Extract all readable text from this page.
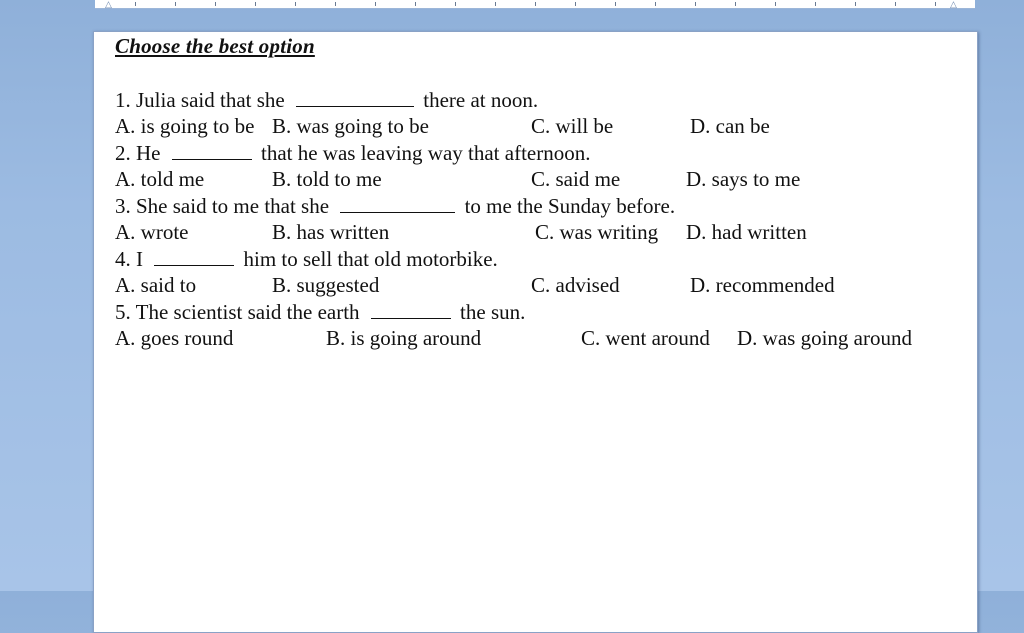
△	△
Choose the best option
1. Julia said that she	there at noon.
A. is going to be B. was going to be	C. will be	D. can be
2. He	that he was leaving way that afternoon.
A. told me	B. told to me	C. said me	D. says to me
3. She said to me that she	to me the Sunday before.
A. wrote	B. has written	C. was writing D. had written
4. I	him to sell that old motorbike.
A. said to	B. suggested	C. advised	D. recommended
5. The scientist said the earth	the sun.
A. goes round	B. is going around	C. went around D. was going around
